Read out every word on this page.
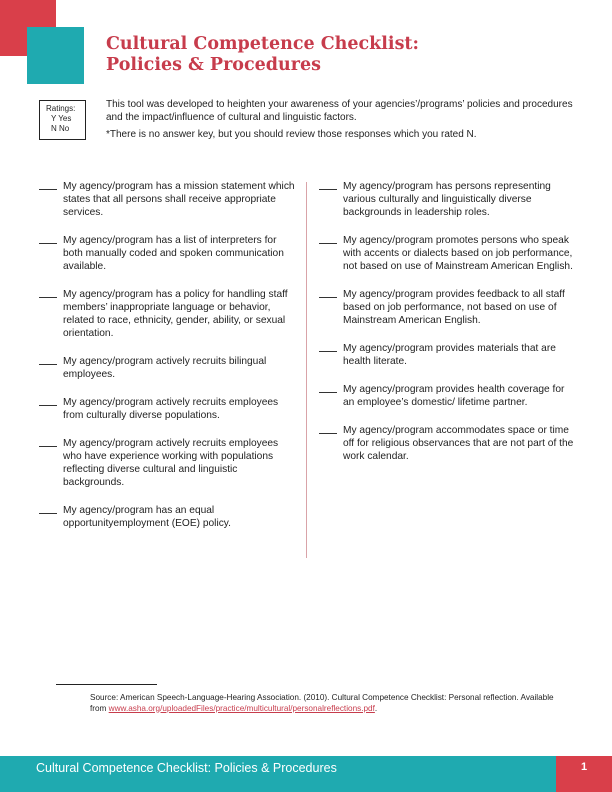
Cultural Competence Checklist:
Policies & Procedures
Ratings:
Y Yes
N No

This tool was developed to heighten your awareness of your agencies’/programs’ policies and procedures and the impact/influence of cultural and linguistic factors.

*There is no answer key, but you should review those responses which you rated N.

My agency/program has a mission statement which states that all persons shall receive appropriate services.
My agency/program has a list of interpreters for both manually coded and spoken communication available.
My agency/program has a policy for handling staff members’ inappropriate language or behavior, related to race, ethnicity, gender, ability, or sexual orientation.
My agency/program actively recruits bilingual employees.
My agency/program actively recruits employees from culturally diverse populations.
My agency/program actively recruits employees who have experience working with populations reflecting diverse cultural and linguistic backgrounds.
My agency/program has an equal opportunityemployment (EOE) policy.
My agency/program has persons representing various culturally and linguistically diverse backgrounds in leadership roles.
My agency/program promotes persons who speak with accents or dialects based on job performance, not based on use of Mainstream American English.
My agency/program provides feedback to all staff based on job performance, not based on use of Mainstream American English.
My agency/program provides materials that are health literate.
My agency/program provides health coverage for an employee’s domestic/ lifetime partner.
My agency/program accommodates space or time off for religious observances that are not part of the work calendar.
Source: American Speech-Language-Hearing Association. (2010). Cultural Competence Checklist: Personal reflection. Available from www.asha.org/uploadedFiles/practice/multicultural/personalreflections.pdf.
Cultural Competence Checklist: Policies & Procedures	1
